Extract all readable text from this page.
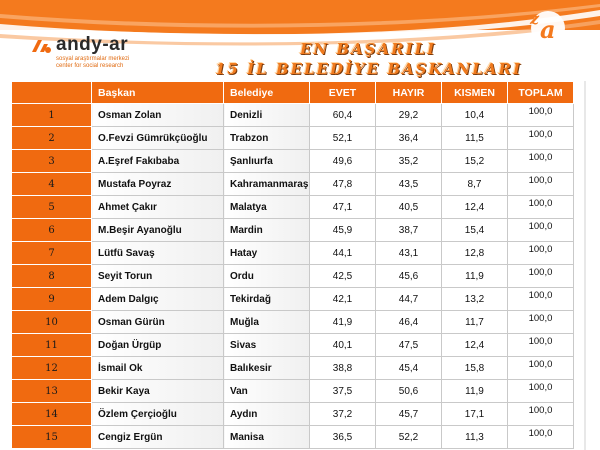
a
z
andy-ar
sosyal araştırmalar merkezi
center for social research
EN BAŞARILI
15 İL BELEDİYE BAŞKANLARI
	Başkan	Belediye	EVET	HAYIR	KISMEN	TOPLAM
1	Osman Zolan	Denizli	60,4	29,2	10,4	100,0
2	O.Fevzi Gümrükçüoğlu	Trabzon	52,1	36,4	11,5	100,0
3	A.Eşref Fakıbaba	Şanlıurfa	49,6	35,2	15,2	100,0
4	Mustafa Poyraz	Kahramanmaraş	47,8	43,5	8,7	100,0
5	Ahmet Çakır	Malatya	47,1	40,5	12,4	100,0
6	M.Beşir Ayanoğlu	Mardin	45,9	38,7	15,4	100,0
7	Lütfü Savaş	Hatay	44,1	43,1	12,8	100,0
8	Seyit Torun	Ordu	42,5	45,6	11,9	100,0
9	Adem Dalgıç	Tekirdağ	42,1	44,7	13,2	100,0
10	Osman Gürün	Muğla	41,9	46,4	11,7	100,0
11	Doğan Ürgüp	Sivas	40,1	47,5	12,4	100,0
12	İsmail Ok	Balıkesir	38,8	45,4	15,8	100,0
13	Bekir Kaya	Van	37,5	50,6	11,9	100,0
14	Özlem Çerçioğlu	Aydın	37,2	45,7	17,1	100,0
15	Cengiz Ergün	Manisa	36,5	52,2	11,3	100,0
